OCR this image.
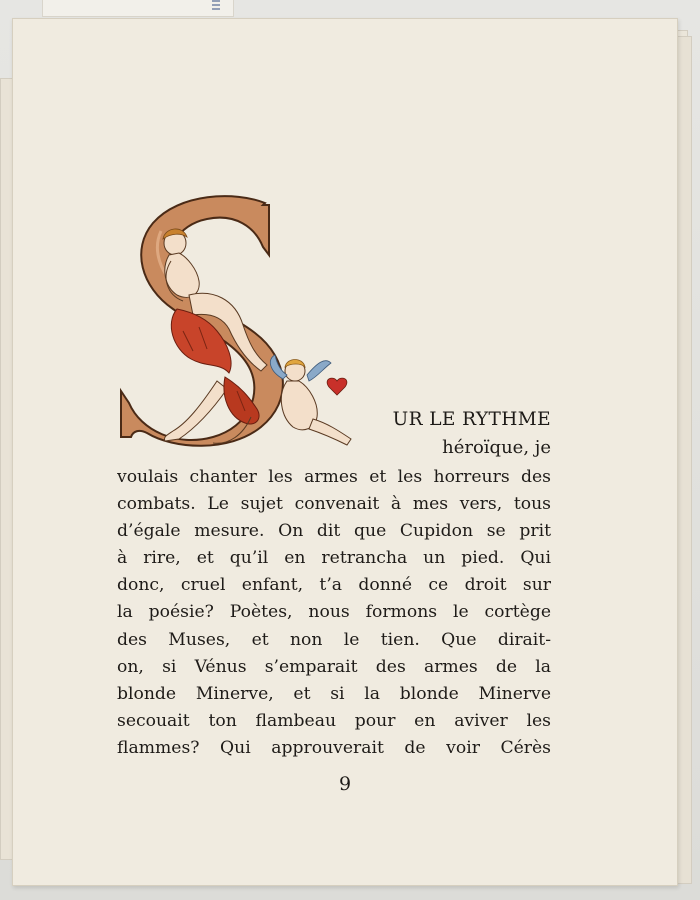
UR LE RYTHME
héroïque, je
voulais chanter les armes et les horreurs des
combats. Le sujet convenait à mes vers, tous
d’égale mesure. On dit que Cupidon se prit
à rire, et qu’il en retrancha un pied. Qui
donc, cruel enfant, t’a donné ce droit sur
la poésie? Poètes, nous formons le cortège
des Muses, et non le tien. Que dirait-
on, si Vénus s’emparait des armes de la
blonde Minerve, et si la blonde Minerve
secouait ton flambeau pour en aviver les
flammes? Qui approuverait de voir Cérès
9
